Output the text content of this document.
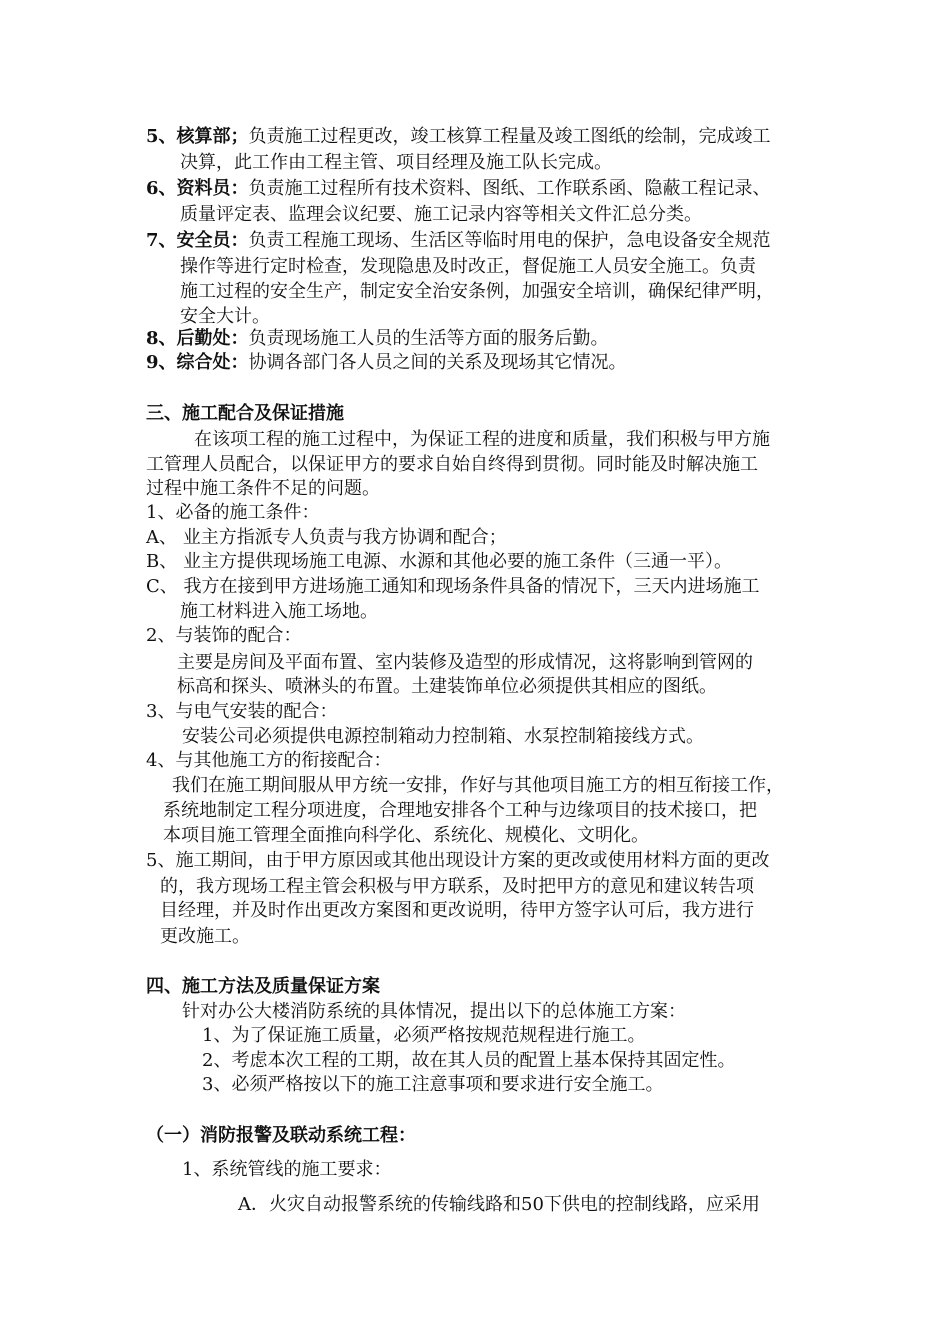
5、核算部；负责施工过程更改，竣工核算工程量及竣工图纸的绘制，完成竣工
决算，此工作由工程主管、项目经理及施工队长完成。
6、资料员：负责施工过程所有技术资料、图纸、工作联系函、隐蔽工程记录、
质量评定表、监理会议纪要、施工记录内容等相关文件汇总分类。
7、安全员：负责工程施工现场、生活区等临时用电的保护，急电设备安全规范
操作等进行定时检查，发现隐患及时改正，督促施工人员安全施工。负责
施工过程的安全生产，制定安全治安条例，加强安全培训，确保纪律严明，
安全大计。
8、后勤处：负责现场施工人员的生活等方面的服务后勤。
9、综合处：协调各部门各人员之间的关系及现场其它情况。
三、施工配合及保证措施
在该项工程的施工过程中，为保证工程的进度和质量，我们积极与甲方施
工管理人员配合，以保证甲方的要求自始自终得到贯彻。同时能及时解决施工
过程中施工条件不足的问题。
1、必备的施工条件：
A、 业主方指派专人负责与我方协调和配合；
B、 业主方提供现场施工电源、水源和其他必要的施工条件（三通一平）。
C、 我方在接到甲方进场施工通知和现场条件具备的情况下，三天内进场施工
施工材料进入施工场地。
2、与装饰的配合：
主要是房间及平面布置、室内装修及造型的形成情况，这将影响到管网的
标高和探头、喷淋头的布置。土建装饰单位必须提供其相应的图纸。
3、与电气安装的配合：
安装公司必须提供电源控制箱动力控制箱、水泵控制箱接线方式。
4、与其他施工方的衔接配合：
我们在施工期间服从甲方统一安排，作好与其他项目施工方的相互衔接工作，
系统地制定工程分项进度，合理地安排各个工种与边缘项目的技术接口，把
本项目施工管理全面推向科学化、系统化、规模化、文明化。
5、施工期间，由于甲方原因或其他出现设计方案的更改或使用材料方面的更改
的，我方现场工程主管会积极与甲方联系，及时把甲方的意见和建议转告项
目经理，并及时作出更改方案图和更改说明，待甲方签字认可后，我方进行
更改施工。
四、施工方法及质量保证方案
针对办公大楼消防系统的具体情况，提出以下的总体施工方案：
1、为了保证施工质量，必须严格按规范规程进行施工。
2、考虑本次工程的工期，故在其人员的配置上基本保持其固定性。
3、必须严格按以下的施工注意事项和要求进行安全施工。
（一）消防报警及联动系统工程：
1、系统管线的施工要求：
A．火灾自动报警系统的传输线路和50下供电的控制线路，应采用
